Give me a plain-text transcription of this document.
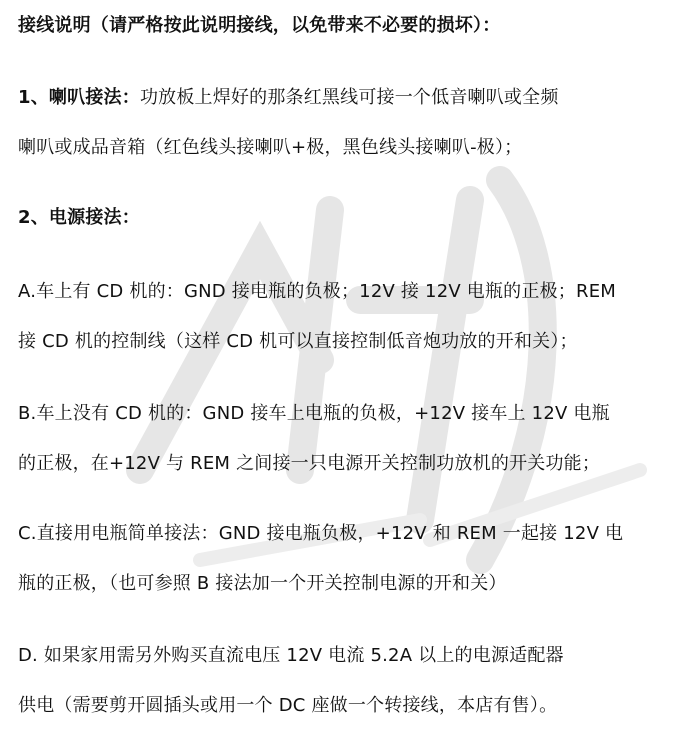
接线说明（请严格按此说明接线，以免带来不必要的损坏）：
1、喇叭接法：功放板上焊好的那条红黑线可接一个低音喇叭或全频
喇叭或成品音箱（红色线头接喇叭+极，黑色线头接喇叭-极）；
2、电源接法：
A.车上有 CD 机的：GND 接电瓶的负极；12V 接 12V 电瓶的正极；REM
接 CD 机的控制线（这样 CD 机可以直接控制低音炮功放的开和关）；
B.车上没有 CD 机的：GND 接车上电瓶的负极，+12V 接车上 12V 电瓶
的正极，在+12V 与 REM 之间接一只电源开关控制功放机的开关功能；
C.直接用电瓶简单接法：GND 接电瓶负极，+12V 和 REM 一起接 12V 电
瓶的正极，（也可参照 B 接法加一个开关控制电源的开和关）
D. 如果家用需另外购买直流电压 12V 电流 5.2A 以上的电源适配器
供电（需要剪开圆插头或用一个 DC 座做一个转接线，本店有售）。
